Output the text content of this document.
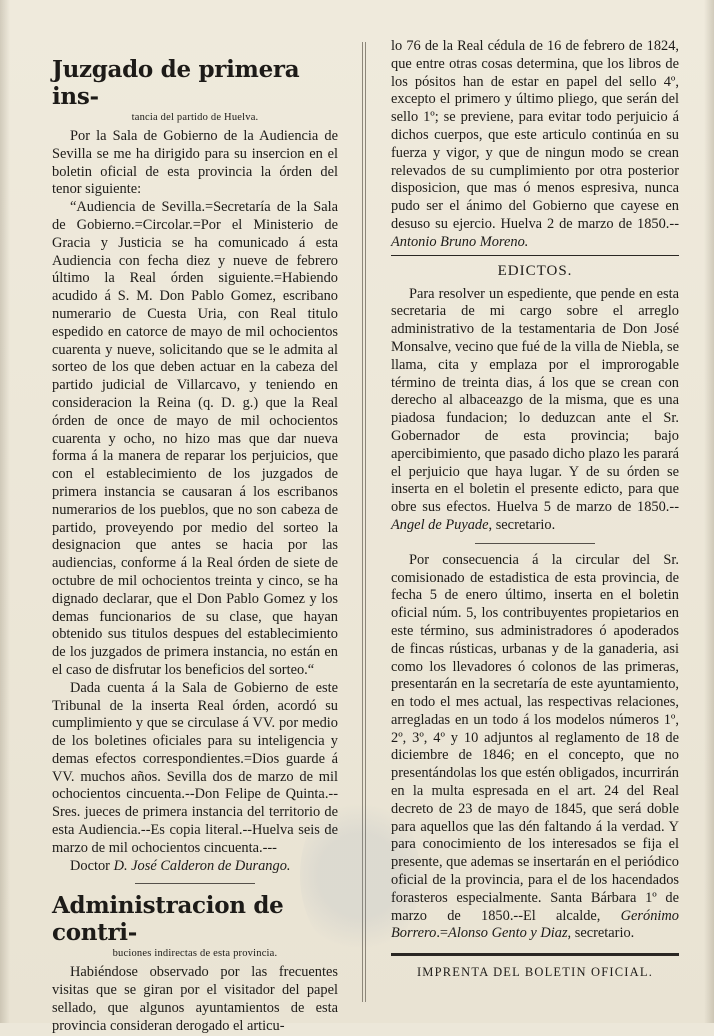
Juzgado de primera ins-
tancia del partido de Huelva.

Por la Sala de Gobierno de la Audiencia de Sevilla se me ha dirigido para su insercion en el boletin oficial de esta provincia la órden del tenor siguiente:

“Audiencia de Sevilla.=Secretaría de la Sala de Gobierno.=Circolar.=Por el Ministerio de Gracia y Justicia se ha comunicado á esta Audiencia con fecha diez y nueve de febrero último la Real órden siguiente.=Habiendo acudido á S. M. Don Pablo Gomez, escribano numerario de Cuesta Uria, con Real titulo espedido en catorce de mayo de mil ochocientos cuarenta y nueve, solicitando que se le admita al sorteo de los que deben actuar en la cabeza del partido judicial de Villarcavo, y teniendo en consideracion la Reina (q. D. g.) que la Real órden de once de mayo de mil ochocientos cuarenta y ocho, no hizo mas que dar nueva forma á la manera de reparar los perjuicios, que con el establecimiento de los juzgados de primera instancia se causaran á los escribanos numerarios de los pueblos, que no son cabeza de partido, proveyendo por medio del sorteo la designacion que antes se hacia por las audiencias, conforme á la Real órden de siete de octubre de mil ochocientos treinta y cinco, se ha dignado declarar, que el Don Pablo Gomez y los demas funcionarios de su clase, que hayan obtenido sus titulos despues del establecimiento de los juzgados de primera instancia, no están en el caso de disfrutar los beneficios del sorteo.“

Dada cuenta á la Sala de Gobierno de este Tribunal de la inserta Real órden, acordó su cumplimiento y que se circulase á VV. por medio de los boletines oficiales para su inteligencia y demas efectos correspondientes.=Dios guarde á VV. muchos años. Sevilla dos de marzo de mil ochocientos cincuenta.--Don Felipe de Quinta.--Sres. jueces de primera instancia del territorio de esta Audiencia.--Es copia literal.--Huelva seis de marzo de mil ochocientos cincuenta.---

Doctor D. José Calderon de Durango.

Administracion de contri-
buciones indirectas de esta provincia.

Habiéndose observado por las frecuentes visitas que se giran por el visitador del papel sellado, que algunos ayuntamientos de esta provincia consideran derogado el articu-

lo 76 de la Real cédula de 16 de febrero de 1824, que entre otras cosas determina, que los libros de los pósitos han de estar en papel del sello 4º, excepto el primero y último pliego, que serán del sello 1º; se previene, para evitar todo perjuicio á dichos cuerpos, que este articulo continúa en su fuerza y vigor, y que de ningun modo se crean relevados de su cumplimiento por otra posterior disposicion, que mas ó menos espresiva, nunca pudo ser el ánimo del Gobierno que cayese en desuso su ejercio. Huelva 2 de marzo de 1850.--Antonio Bruno Moreno.

EDICTOS.

Para resolver un espediente, que pende en esta secretaria de mi cargo sobre el arreglo administrativo de la testamentaria de Don José Monsalve, vecino que fué de la villa de Niebla, se llama, cita y emplaza por el improrogable término de treinta dias, á los que se crean con derecho al albaceazgo de la misma, que es una piadosa fundacion; lo deduzcan ante el Sr. Gobernador de esta provincia; bajo apercibimiento, que pasado dicho plazo les parará el perjuicio que haya lugar. Y de su órden se inserta en el boletin el presente edicto, para que obre sus efectos. Huelva 5 de marzo de 1850.--Angel de Puyade, secretario.

Por consecuencia á la circular del Sr. comisionado de estadistica de esta provincia, de fecha 5 de enero último, inserta en el boletin oficial núm. 5, los contribuyentes propietarios en este término, sus administradores ó apoderados de fincas rústicas, urbanas y de la ganaderia, asi como los llevadores ó colonos de las primeras, presentarán en la secretaría de este ayuntamiento, en todo el mes actual, las respectivas relaciones, arregladas en un todo á los modelos números 1º, 2º, 3º, 4º y 10 adjuntos al reglamento de 18 de diciembre de 1846; en el concepto, que no presentándolas los que estén obligados, incurrirán en la multa espresada en el art. 24 del Real decreto de 23 de mayo de 1845, que será doble para aquellos que las dén faltando á la verdad. Y para conocimiento de los interesados se fija el presente, que ademas se insertarán en el periódico oficial de la provincia, para el de los hacendados forasteros especialmente. Santa Bárbara 1º de marzo de 1850.--El alcalde, Gerónimo Borrero.=Alonso Gento y Diaz, secretario.

IMPRENTA DEL BOLETIN OFICIAL.
